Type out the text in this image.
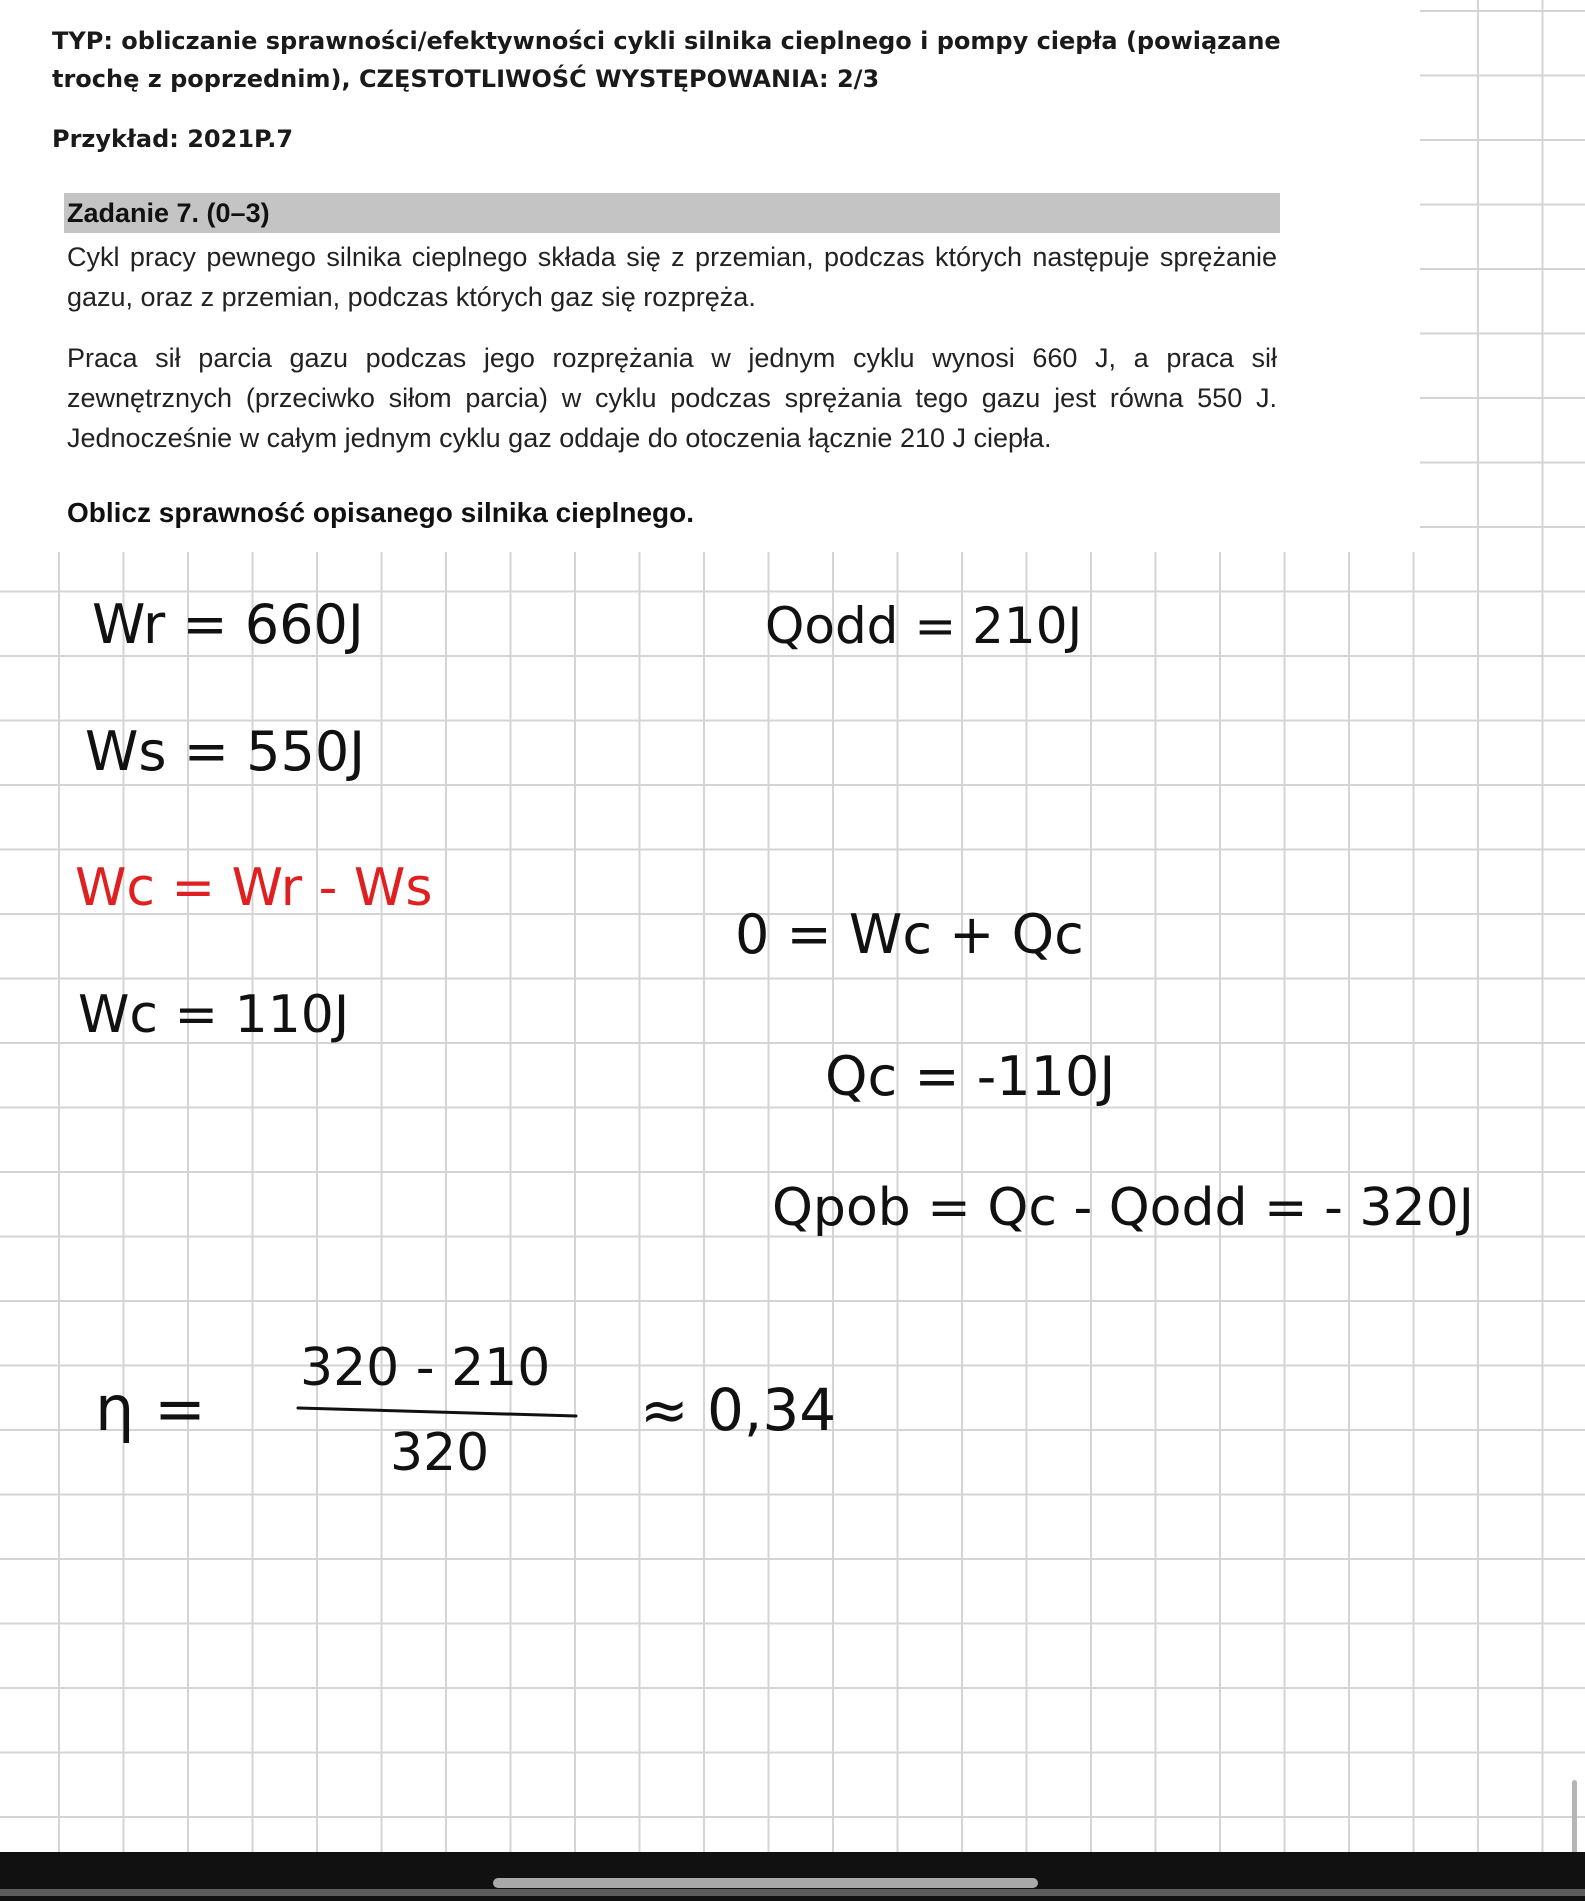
TYP: obliczanie sprawności/efektywności cykli silnika cieplnego i pompy ciepła (powiązane trochę z poprzednim), CZĘSTOTLIWOŚĆ WYSTĘPOWANIA: 2/3
Przykład: 2021P.7
Zadanie 7. (0–3)
Cykl pracy pewnego silnika cieplnego składa się z przemian, podczas których następuje sprężanie gazu, oraz z przemian, podczas których gaz się rozpręża.
Praca sił parcia gazu podczas jego rozprężania w jednym cyklu wynosi 660 J, a praca sił zewnętrznych (przeciwko siłom parcia) w cyklu podczas sprężania tego gazu jest równa 550 J. Jednocześnie w całym jednym cyklu gaz oddaje do otoczenia łącznie 210 J ciepła.
Oblicz sprawność opisanego silnika cieplnego.
Wr = 660J
Ws = 550J
Wc = Wr - Ws
Wc = 110J
Qodd = 210J
0 = Wc + Qc
Qc = -110J
Qpob = Qc - Qodd = - 320J
η =
320 - 210
320
≈ 0,34
